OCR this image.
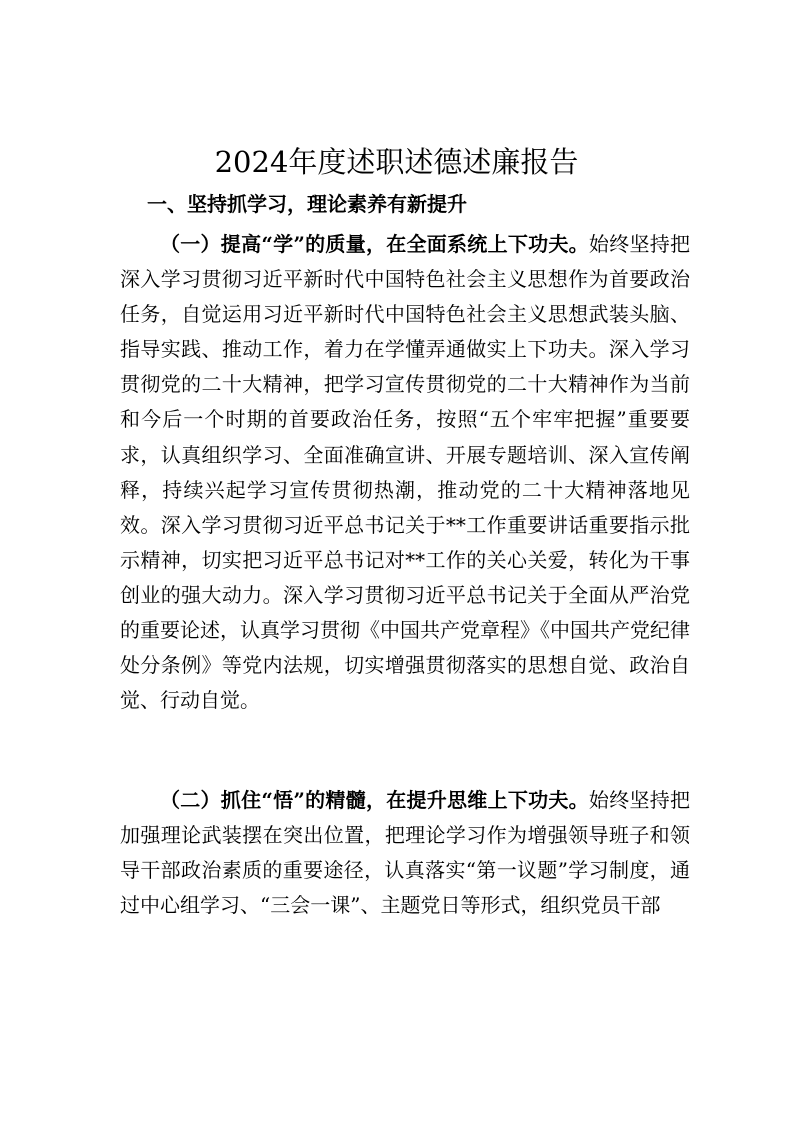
2024年度述职述德述廉报告
一、坚持抓学习，理论素养有新提升
（一）提高“学”的质量，在全面系统上下功夫。始终坚持把深入学习贯彻习近平新时代中国特色社会主义思想作为首要政治任务，自觉运用习近平新时代中国特色社会主义思想武装头脑、指导实践、推动工作，着力在学懂弄通做实上下功夫。深入学习贯彻党的二十大精神，把学习宣传贯彻党的二十大精神作为当前和今后一个时期的首要政治任务，按照“五个牢牢把握”重要要求，认真组织学习、全面准确宣讲、开展专题培训、深入宣传阐释，持续兴起学习宣传贯彻热潮，推动党的二十大精神落地见效。深入学习贯彻习近平总书记关于**工作重要讲话重要指示批示精神，切实把习近平总书记对**工作的关心关爱，转化为干事创业的强大动力。深入学习贯彻习近平总书记关于全面从严治党的重要论述，认真学习贯彻《中国共产党章程》《中国共产党纪律处分条例》等党内法规，切实增强贯彻落实的思想自觉、政治自觉、行动自觉。
（二）抓住“悟”的精髓，在提升思维上下功夫。始终坚持把加强理论武装摆在突出位置，把理论学习作为增强领导班子和领导干部政治素质的重要途径，认真落实“第一议题”学习制度，通过中心组学习、“三会一课”、主题党日等形式，组织党员干部
